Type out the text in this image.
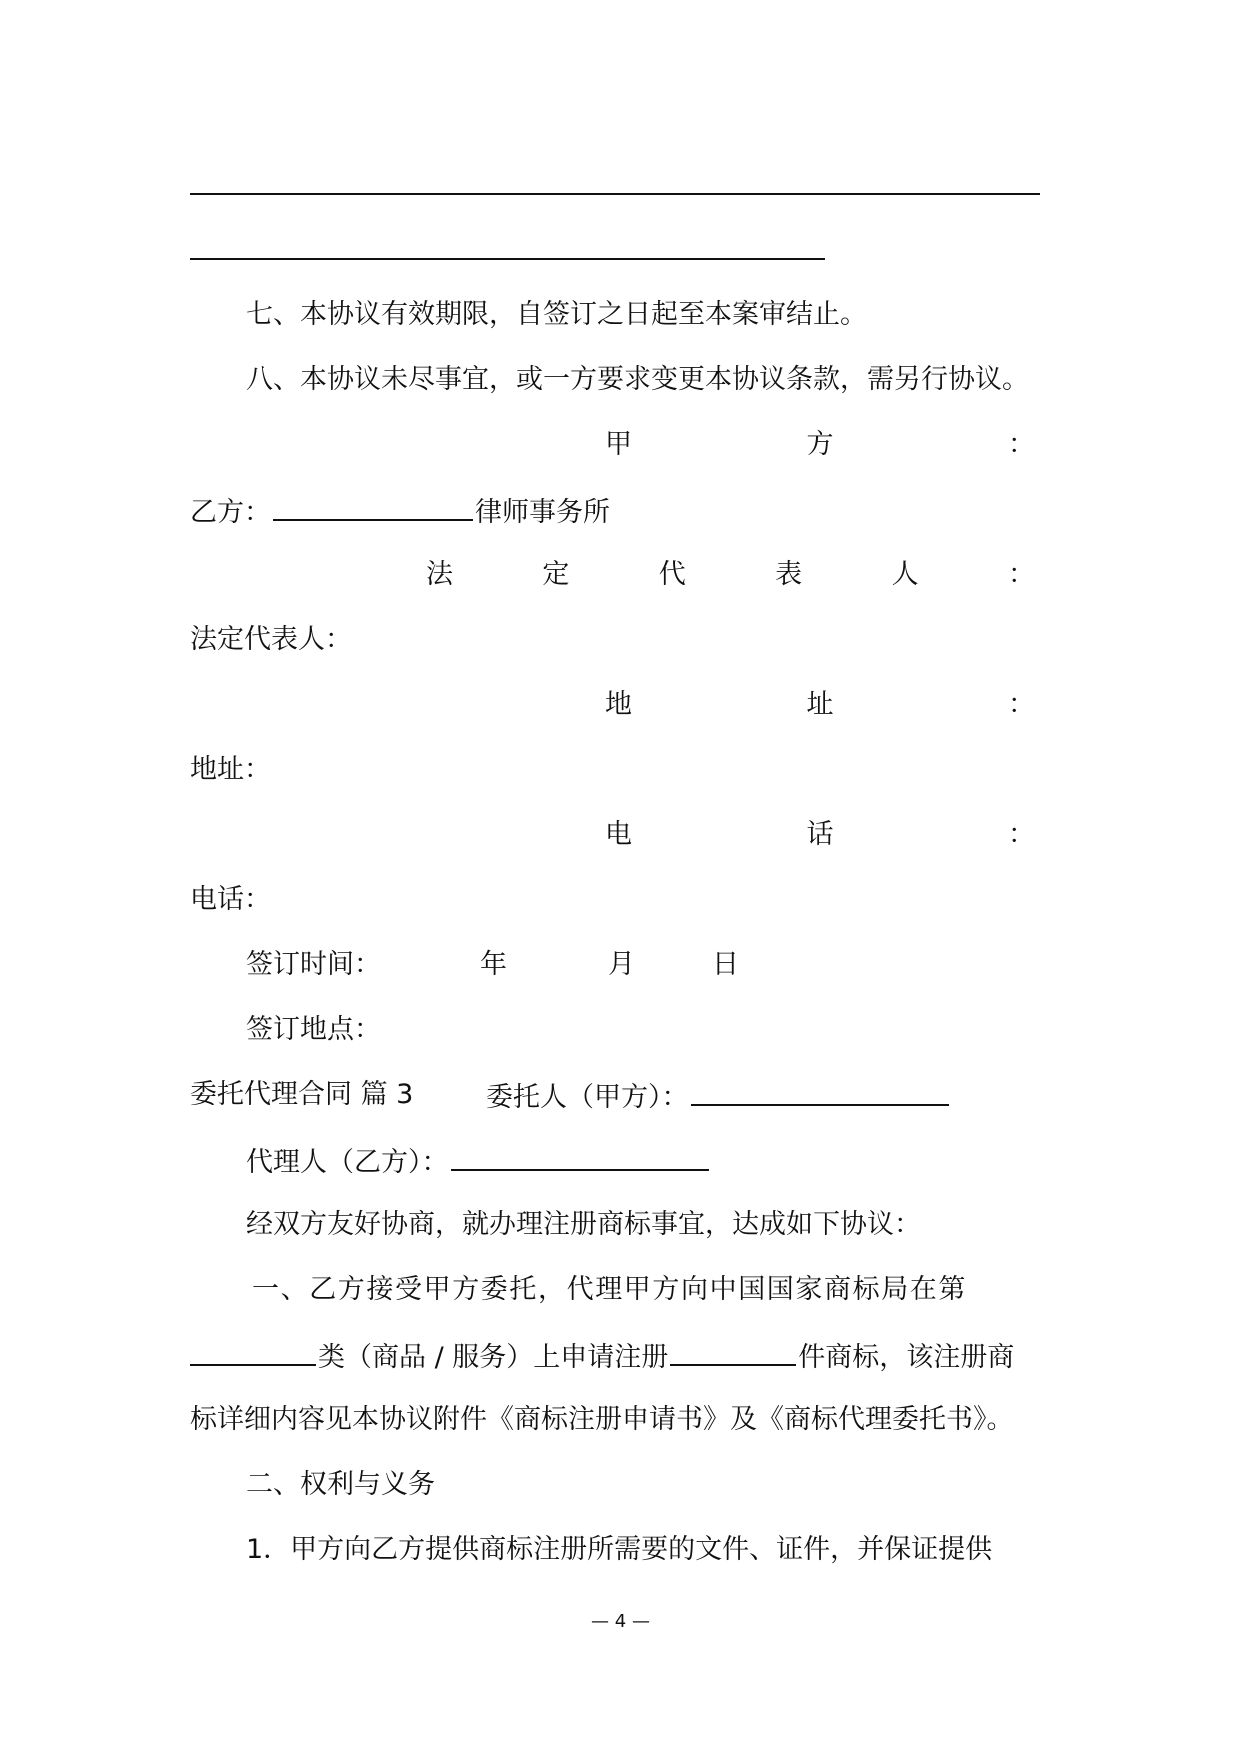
七、本协议有效期限，自签订之日起至本案审结止。
八、本协议未尽事宜，或一方要求变更本协议条款，需另行协议。
甲	方	：
乙方：	律师事务所
法	定	代	表	人	：
法定代表人：
地	址	：
地址：
电	话	：
电话：
签订时间：	年	月	日
签订地点：
委托代理合同 篇 3	委托人（甲方）：
代理人（乙方）：
经双方友好协商，就办理注册商标事宜，达成如下协议：
一、乙方接受甲方委托，代理甲方向中国国家商标局在第
类（商品 / 服务）上申请注册	件商标，该注册商
标详细内容见本协议附件《商标注册申请书》及《商标代理委托书》。
二、权利与义务
1．甲方向乙方提供商标注册所需要的文件、证件，并保证提供
— 4 —
